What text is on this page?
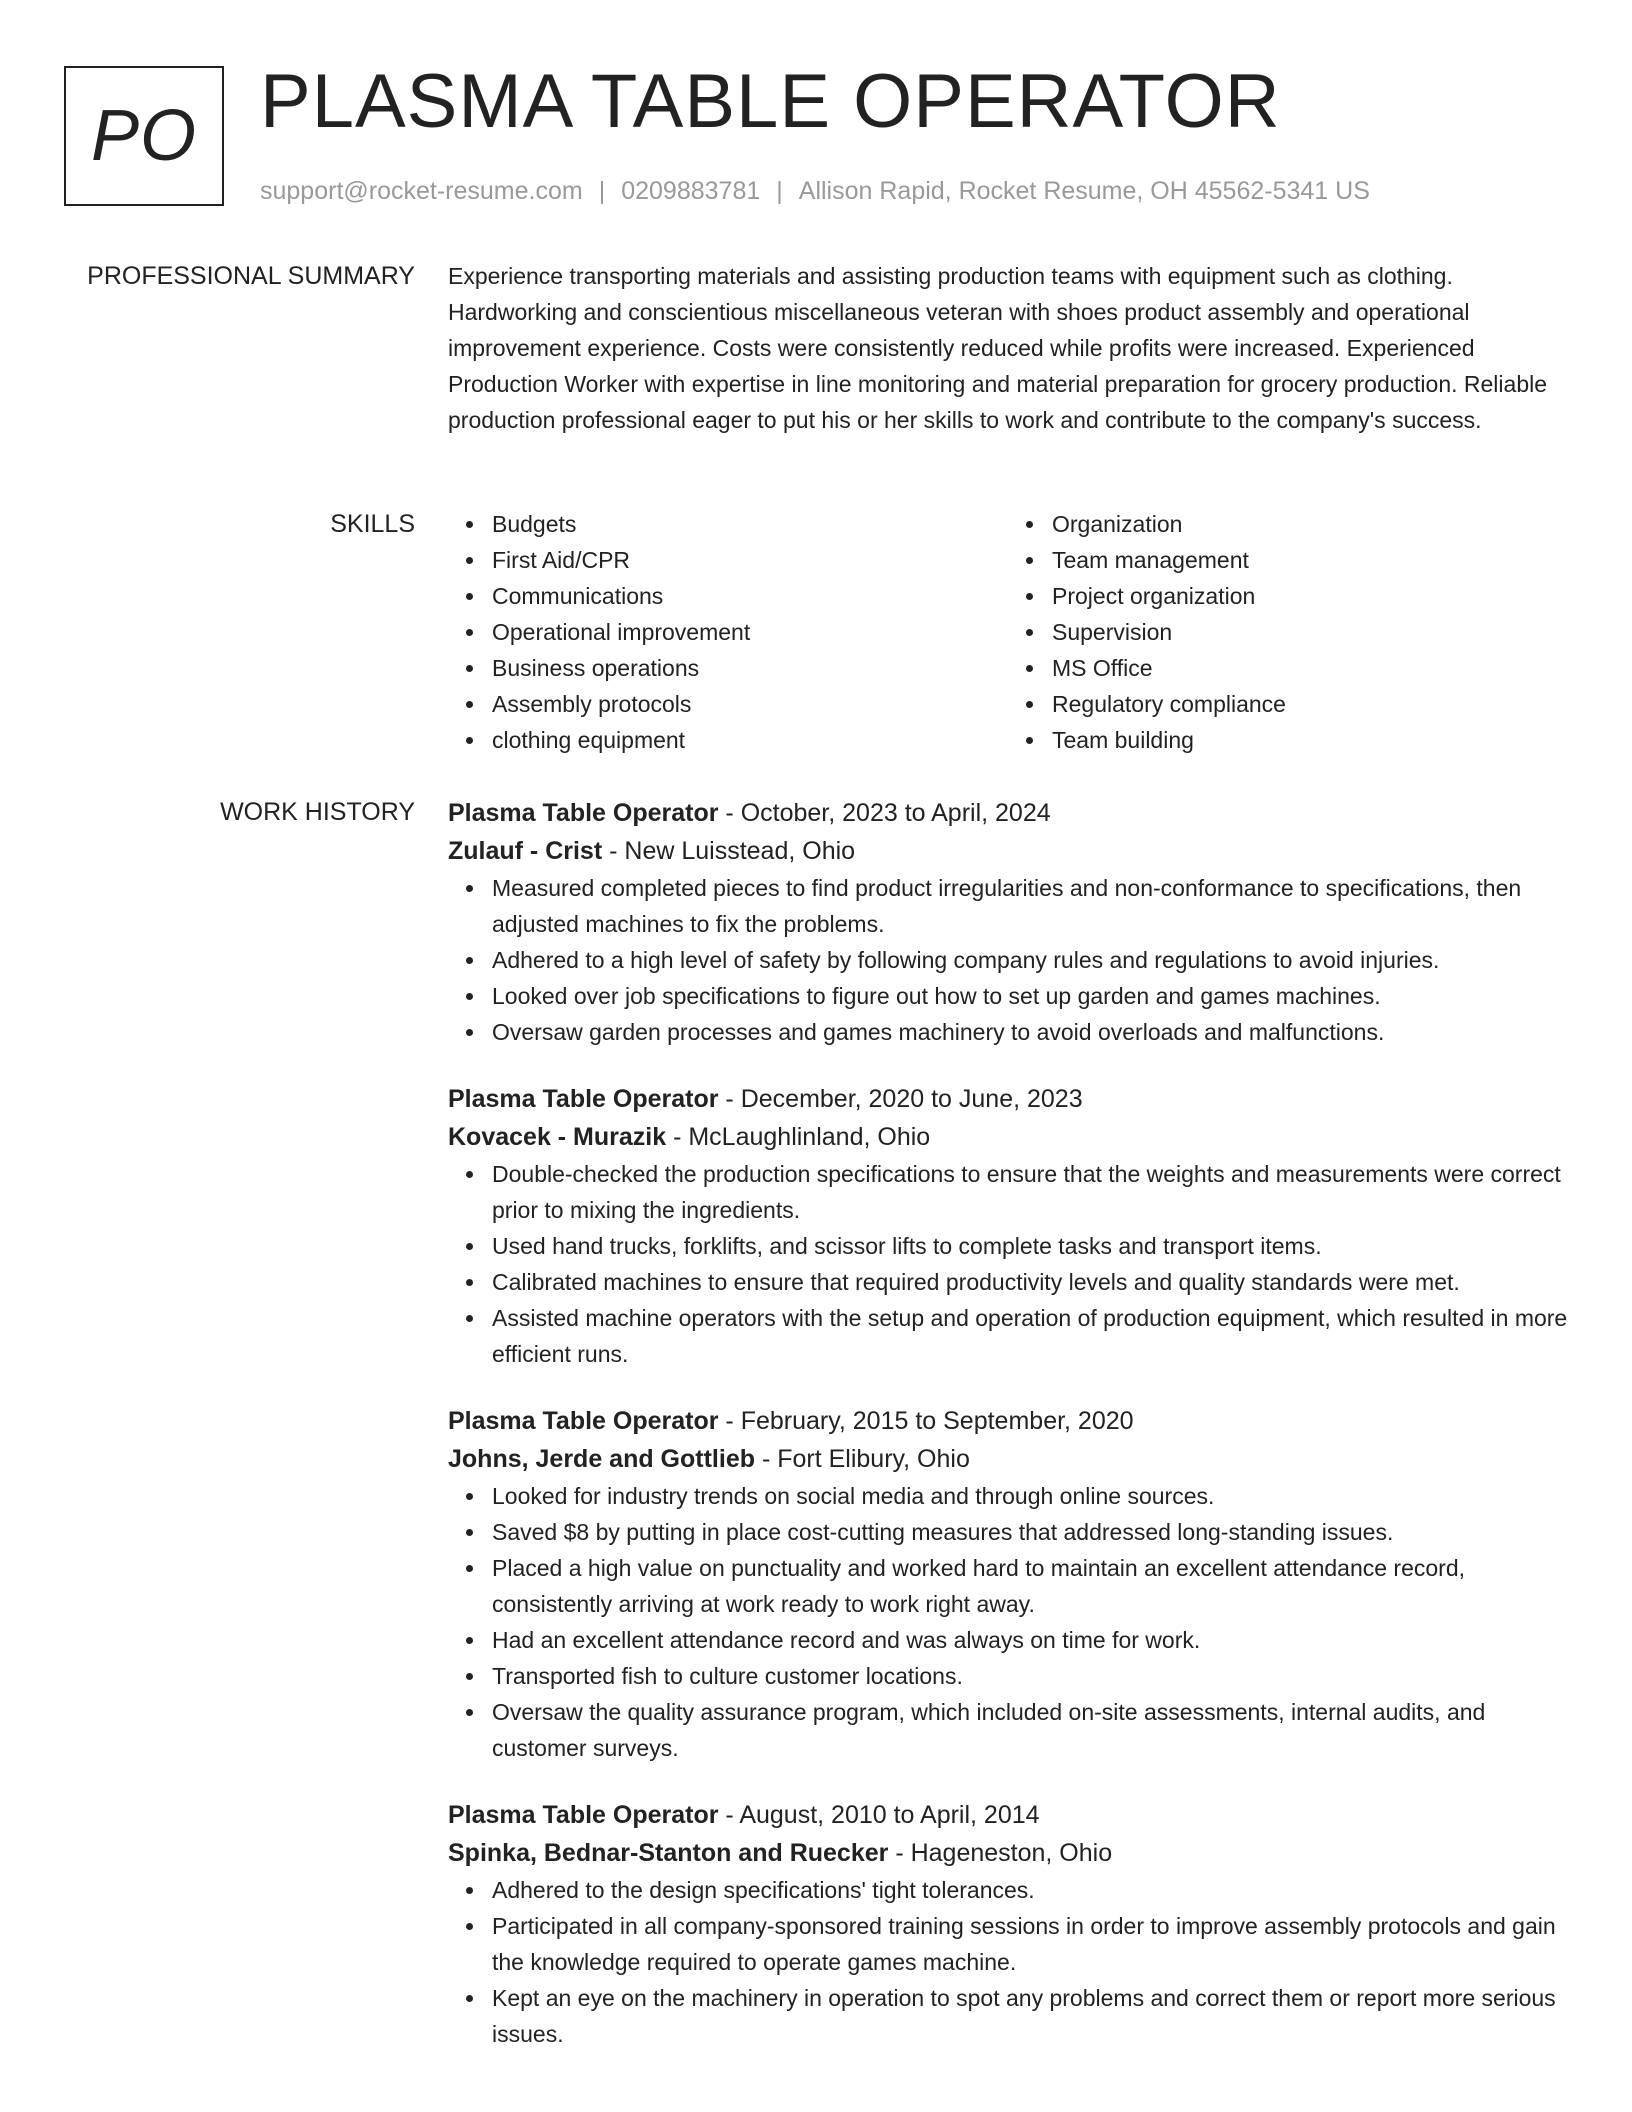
PO PLASMA TABLE OPERATOR
support@rocket-resume.com | 0209883781 | Allison Rapid, Rocket Resume, OH 45562-5341 US
PROFESSIONAL SUMMARY Experience transporting materials and assisting production teams with equipment such as clothing. Hardworking and conscientious miscellaneous veteran with shoes product assembly and operational improvement experience. Costs were consistently reduced while profits were increased. Experienced Production Worker with expertise in line monitoring and material preparation for grocery production. Reliable production professional eager to put his or her skills to work and contribute to the company's success.

SKILLS	Budgets
First Aid/CPR
Communications
Operational improvement
Business operations
Assembly protocols
clothing equipment
Organization
Team management
Project organization
Supervision
MS Office
Regulatory compliance
Team building
WORK HISTORY Plasma Table Operator - October, 2023 to April, 2024
Zulauf - Crist - New Luisstead, Ohio
Measured completed pieces to find product irregularities and non-conformance to specifications, then adjusted machines to fix the problems.
Adhered to a high level of safety by following company rules and regulations to avoid injuries.
Looked over job specifications to figure out how to set up garden and games machines.
Oversaw garden processes and games machinery to avoid overloads and malfunctions.
Plasma Table Operator - December, 2020 to June, 2023
Kovacek - Murazik - McLaughlinland, Ohio
Double-checked the production specifications to ensure that the weights and measurements were correct prior to mixing the ingredients.
Used hand trucks, forklifts, and scissor lifts to complete tasks and transport items.
Calibrated machines to ensure that required productivity levels and quality standards were met.
Assisted machine operators with the setup and operation of production equipment, which resulted in more efficient runs.
Plasma Table Operator - February, 2015 to September, 2020
Johns, Jerde and Gottlieb - Fort Elibury, Ohio
Looked for industry trends on social media and through online sources.
Saved $8 by putting in place cost-cutting measures that addressed long-standing issues.
Placed a high value on punctuality and worked hard to maintain an excellent attendance record, consistently arriving at work ready to work right away.
Had an excellent attendance record and was always on time for work.
Transported fish to culture customer locations.
Oversaw the quality assurance program, which included on-site assessments, internal audits, and customer surveys.
Plasma Table Operator - August, 2010 to April, 2014
Spinka, Bednar-Stanton and Ruecker - Hageneston, Ohio
Adhered to the design specifications' tight tolerances.
Participated in all company-sponsored training sessions in order to improve assembly protocols and gain the knowledge required to operate games machine.
Kept an eye on the machinery in operation to spot any problems and correct them or report more serious issues.
